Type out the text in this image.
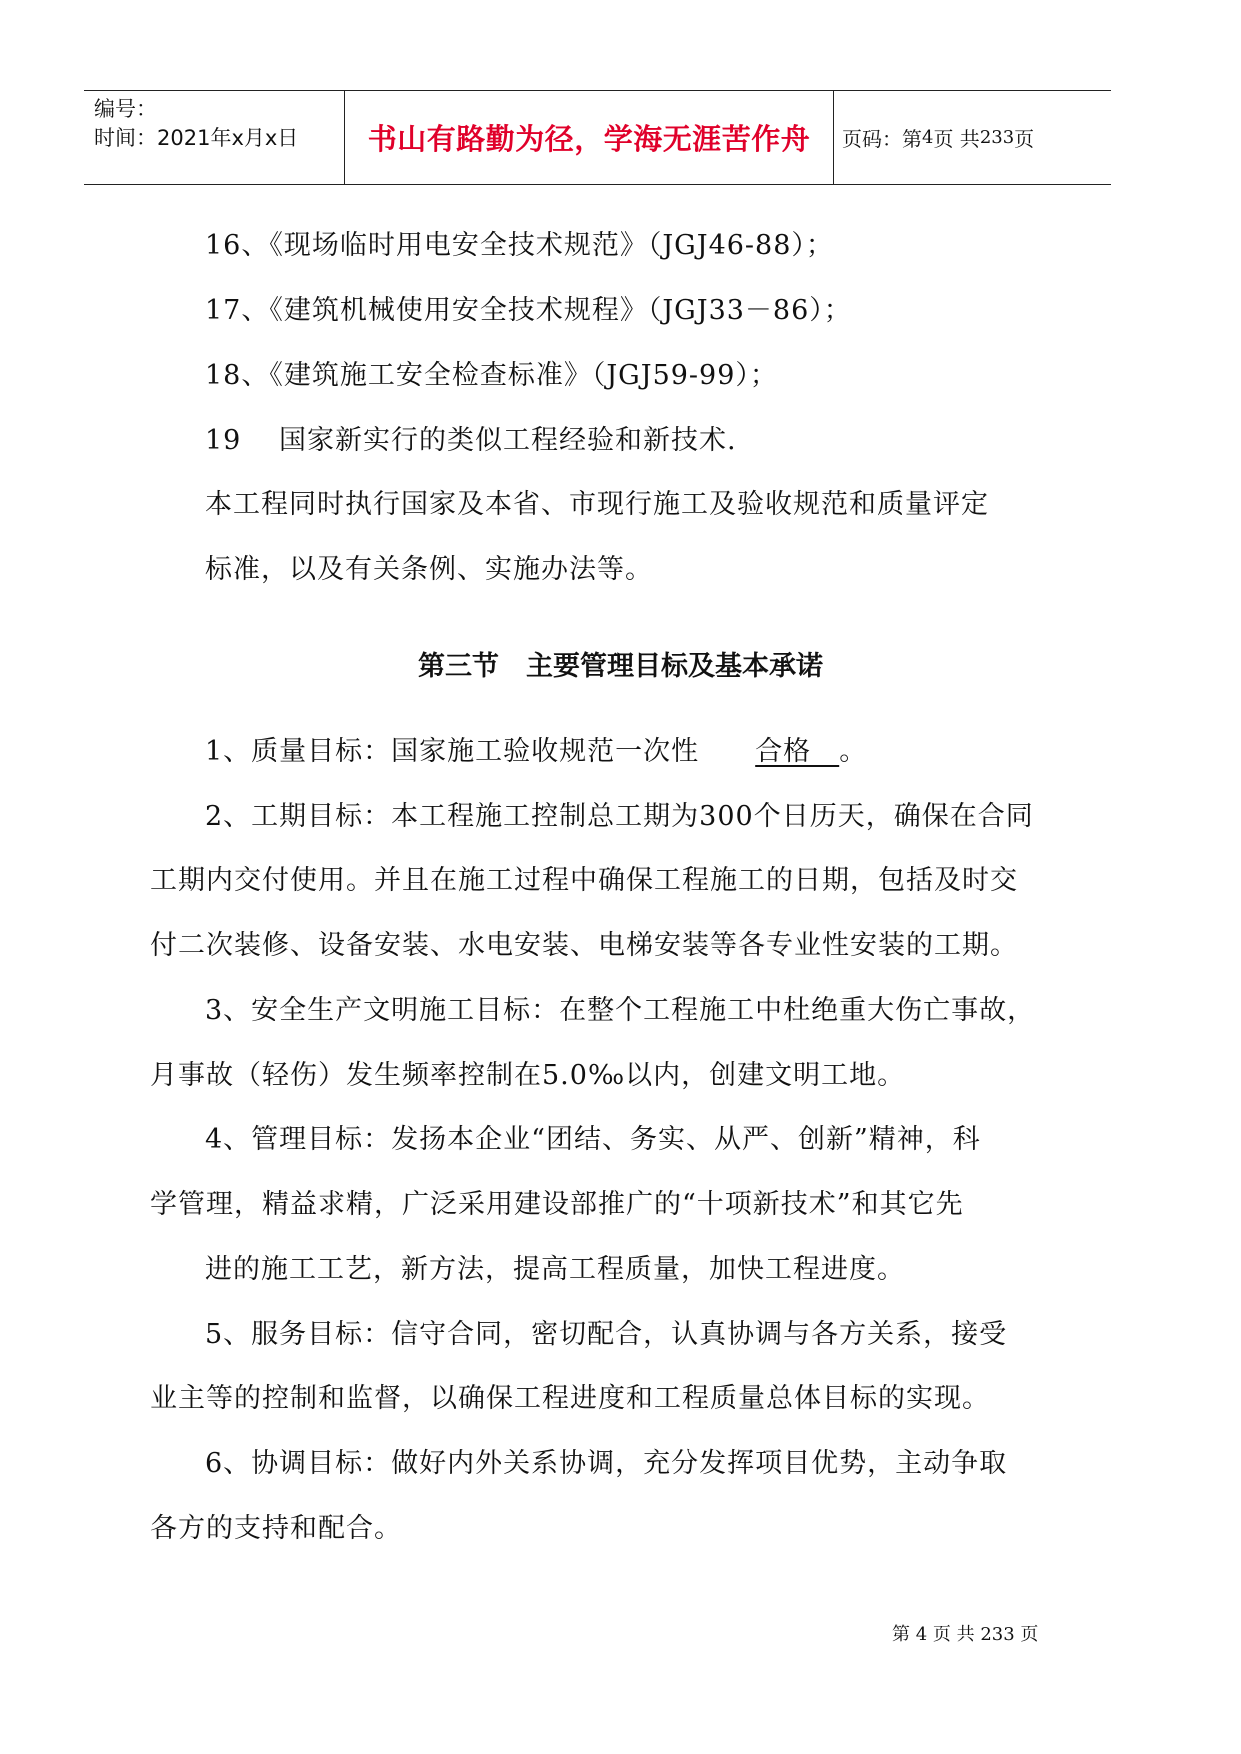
编号：
时间：2021年x月x日	书山有路勤为径，学海无涯苦作舟 页码：第 4 页 共 233 页
16、《现场临时用电安全技术规范》（JGJ46-88）；
17、《建筑机械使用安全技术规程》（JGJ33－86）；
18、《建筑施工安全检查标准》（JGJ59-99）；
19　 国家新实行的类似工程经验和新技术.
本工程同时执行国家及本省、市现行施工及验收规范和质量评定
标准，以及有关条例、实施办法等。
第三节　主要管理目标及基本承诺
1、质量目标：国家施工验收规范一次性　　合格　。
2、工期目标：本工程施工控制总工期为300个日历天，确保在合同
工期内交付使用。并且在施工过程中确保工程施工的日期，包括及时交
付二次装修、设备安装、水电安装、电梯安装等各专业性安装的工期。
3、安全生产文明施工目标：在整个工程施工中杜绝重大伤亡事故，
月事故（轻伤）发生频率控制在5.0‰以内，创建文明工地。
4、管理目标：发扬本企业“团结、务实、从严、创新”精神，科
学管理，精益求精，广泛采用建设部推广的“十项新技术”和其它先
进的施工工艺，新方法，提高工程质量，加快工程进度。
5、服务目标：信守合同，密切配合，认真协调与各方关系，接受
业主等的控制和监督，以确保工程进度和工程质量总体目标的实现。
6、协调目标：做好内外关系协调，充分发挥项目优势，主动争取
各方的支持和配合。
第 4 页 共 233 页
